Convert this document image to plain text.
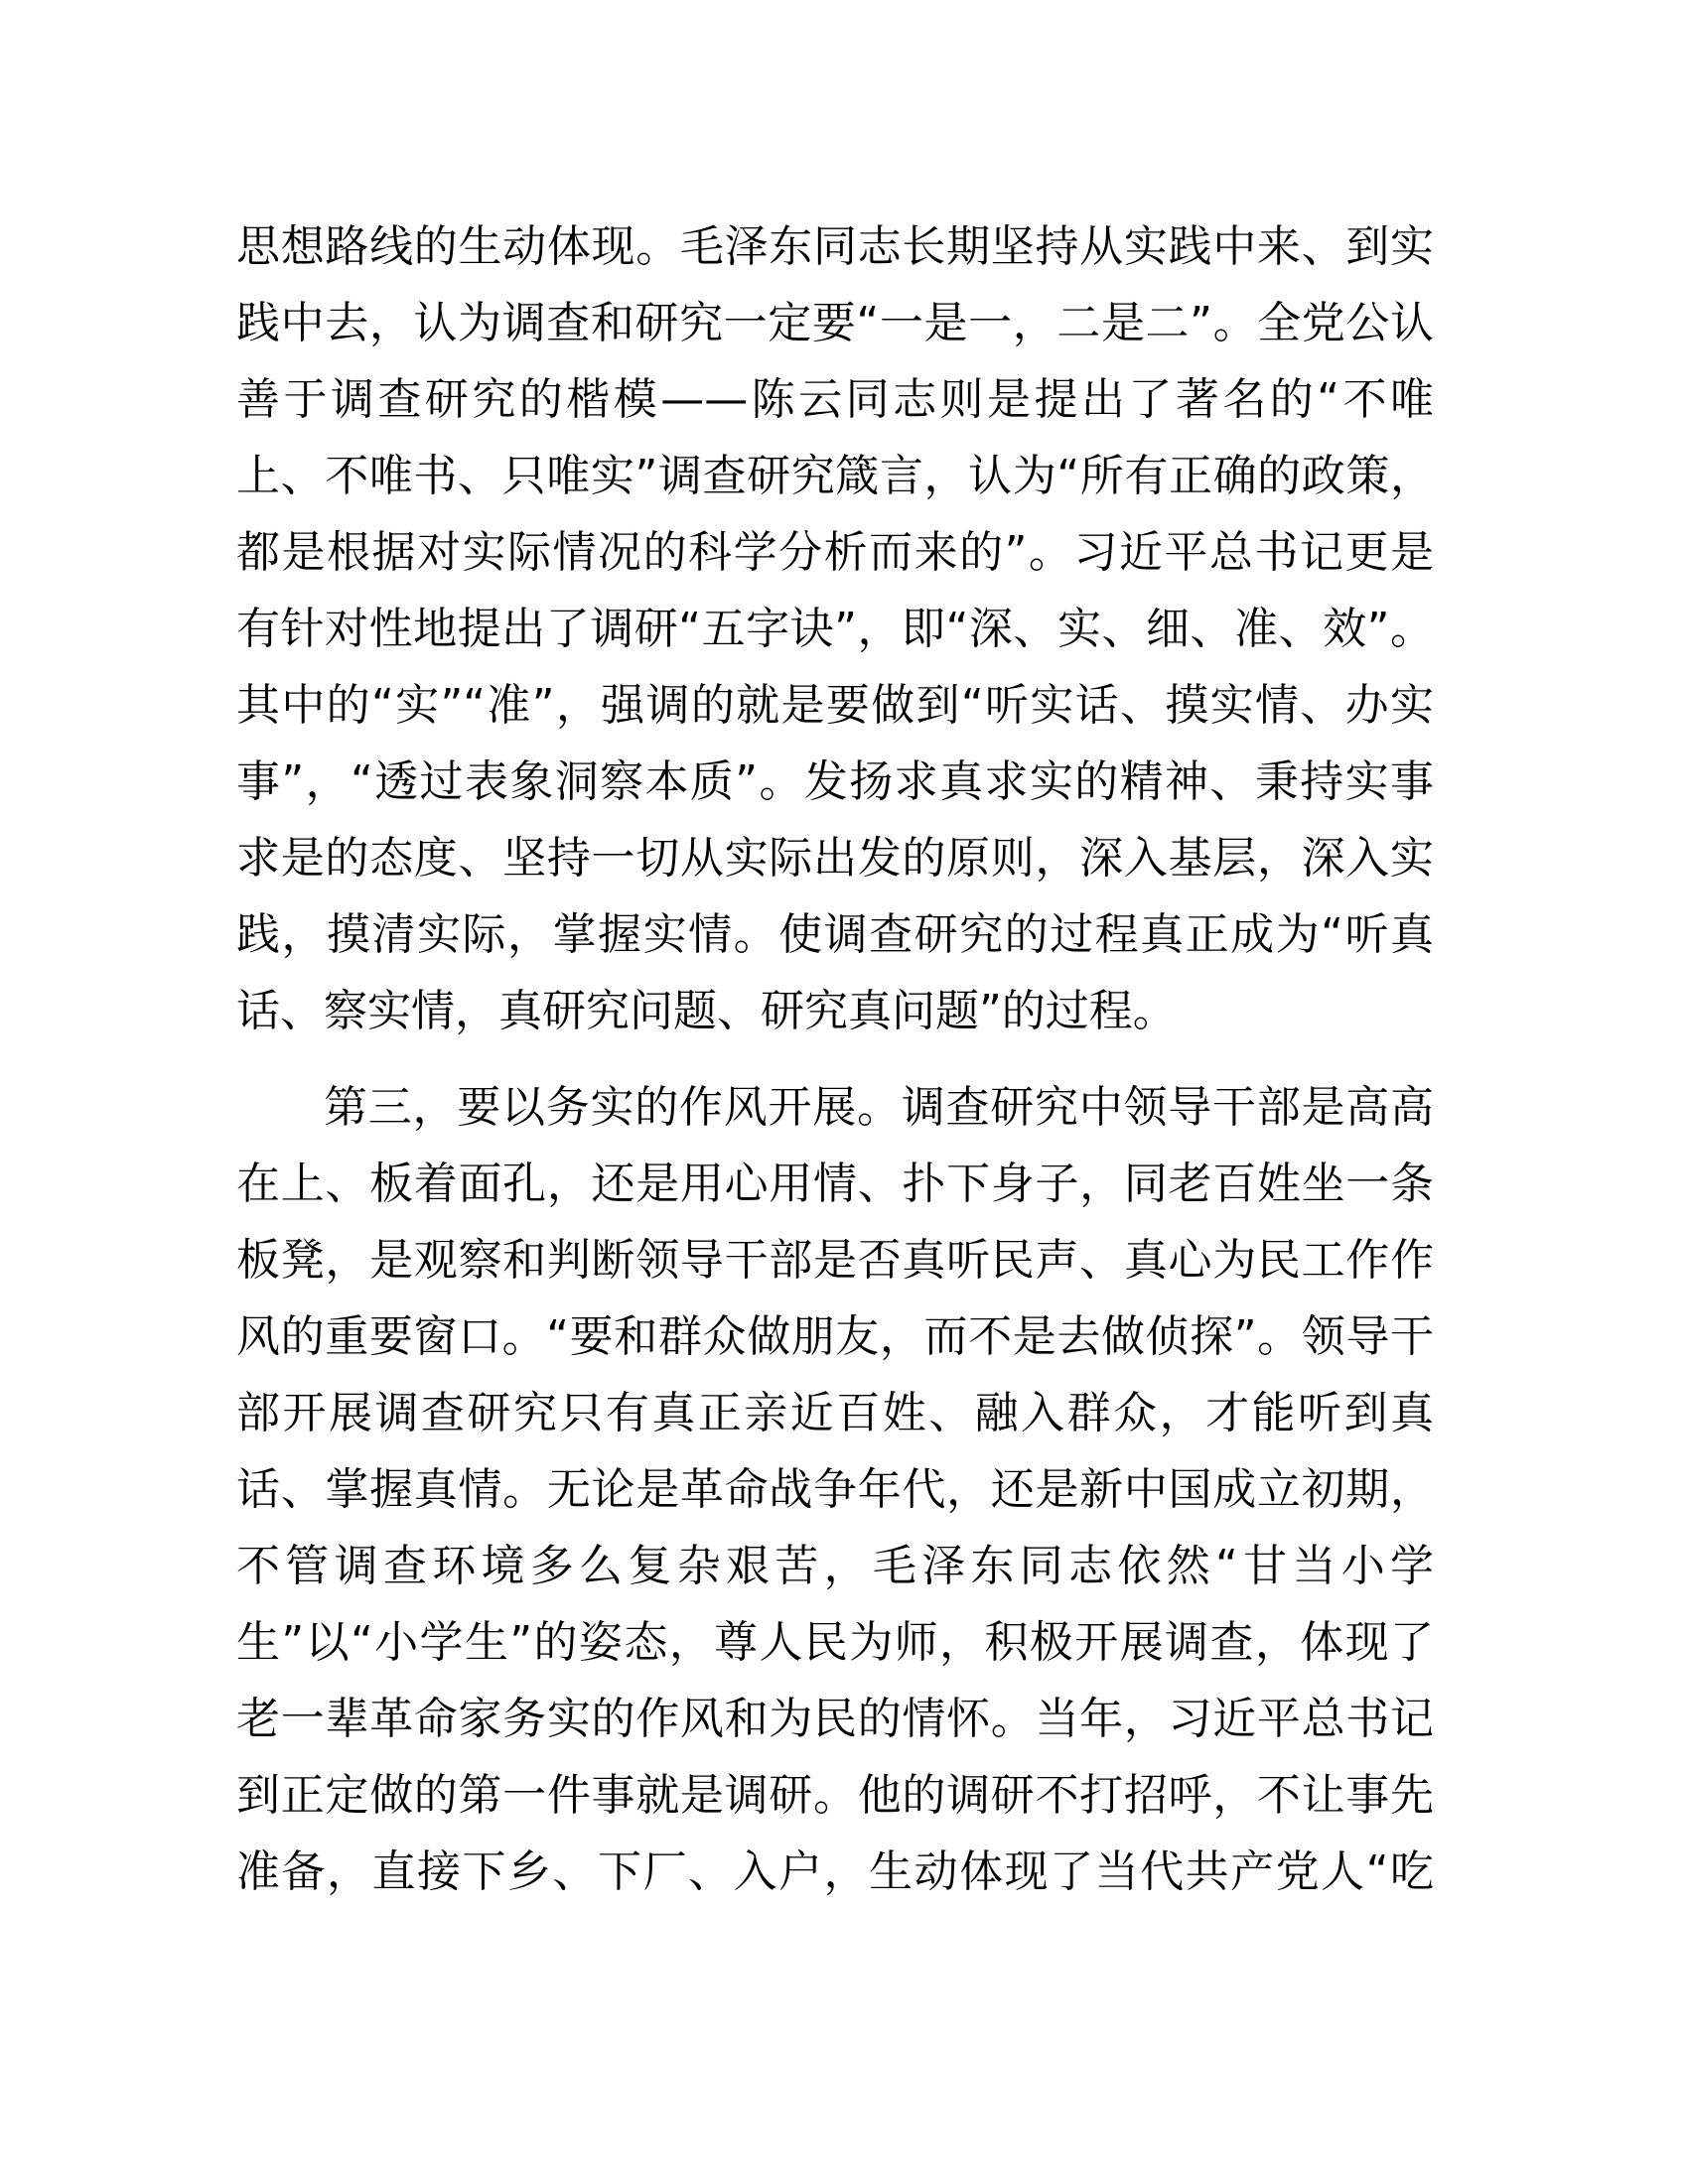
思想路线的生动体现。毛泽东同志长期坚持从实践中来、到实践中去，认为调查和研究一定要“一是一，二是二”。全党公认善于调查研究的楷模——陈云同志则是提出了著名的“不唯上、不唯书、只唯实”调查研究箴言，认为“所有正确的政策，都是根据对实际情况的科学分析而来的”。习近平总书记更是有针对性地提出了调研“五字诀”，即“深、实、细、准、效”。其中的“实”“准”，强调的就是要做到“听实话、摸实情、办实事”，“透过表象洞察本质”。发扬求真求实的精神、秉持实事求是的态度、坚持一切从实际出发的原则，深入基层，深入实践，摸清实际，掌握实情。使调查研究的过程真正成为“听真话、察实情，真研究问题、研究真问题”的过程。

第三，要以务实的作风开展。调查研究中领导干部是高高在上、板着面孔，还是用心用情、扑下身子，同老百姓坐一条板凳，是观察和判断领导干部是否真听民声、真心为民工作作风的重要窗口。“要和群众做朋友，而不是去做侦探”。领导干部开展调查研究只有真正亲近百姓、融入群众，才能听到真话、掌握真情。无论是革命战争年代，还是新中国成立初期，不管调查环境多么复杂艰苦，毛泽东同志依然“甘当小学生”以“小学生”的姿态，尊人民为师，积极开展调查，体现了老一辈革命家务实的作风和为民的情怀。当年，习近平总书记到正定做的第一件事就是调研。他的调研不打招呼，不让事先准备，直接下乡、下厂、入户，生动体现了当代共产党人“吃
